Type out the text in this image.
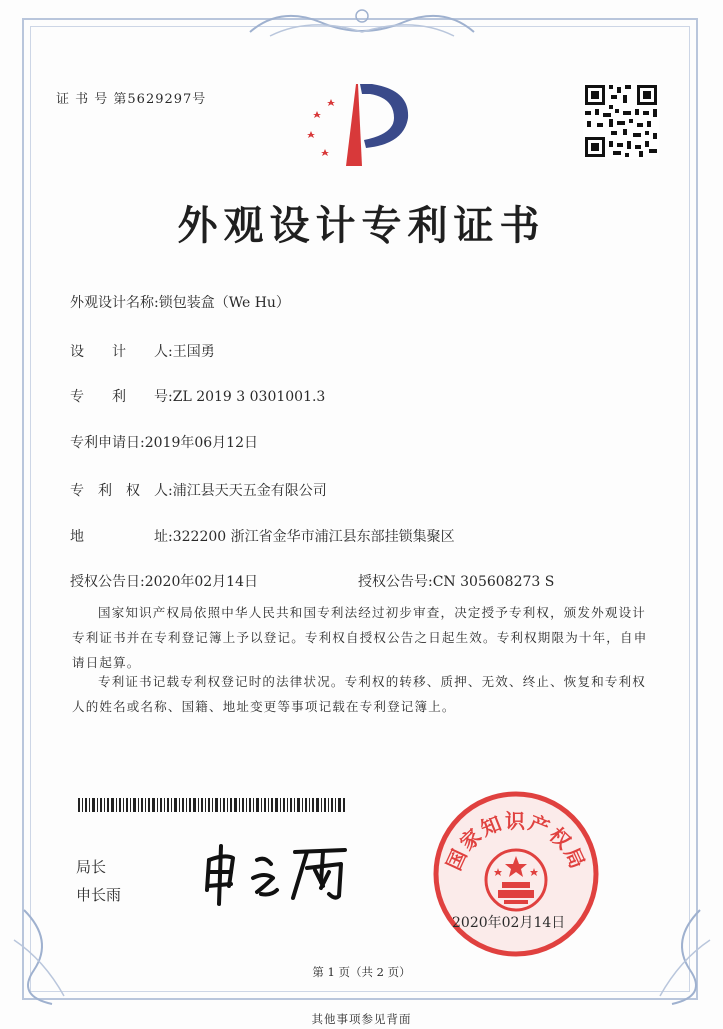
证 书 号 第5629297号
外观设计专利证书
外观设计名称:锁包装盒（We Hu）
设　　计　　人:王国勇
专　　利　　号:ZL 2019 3 0301001.3
专利申请日:2019年06月12日
专　利　权　人:浦江县天天五金有限公司
地　　　　　址:322200 浙江省金华市浦江县东部挂锁集聚区
授权公告日:2020年02月14日	授权公告号:CN 305608273 S
国家知识产权局依照中华人民共和国专利法经过初步审查，决定授予专利权，颁发外观设计专利证书并在专利登记簿上予以登记。专利权自授权公告之日起生效。专利权期限为十年，自申请日起算。
专利证书记载专利权登记时的法律状况。专利权的转移、质押、无效、终止、恢复和专利权人的姓名或名称、国籍、地址变更等事项记载在专利登记簿上。
局长
申长雨
国家知识产权局
2020年02月14日
第 1 页（共 2 页）
其他事项参见背面
